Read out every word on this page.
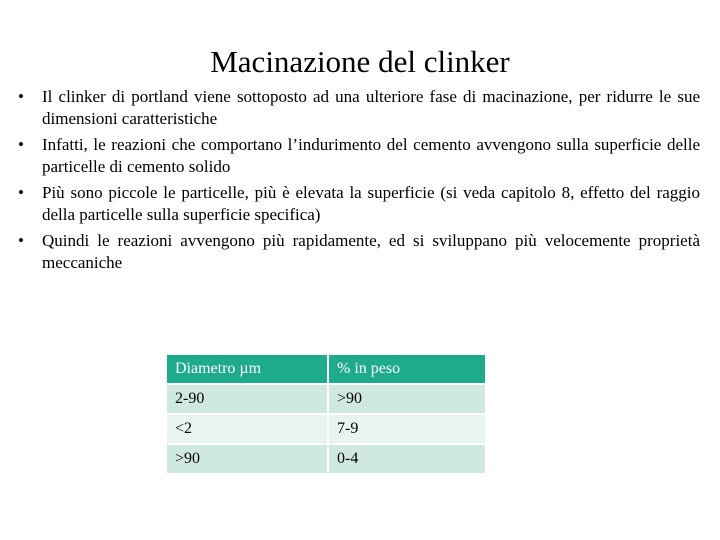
Macinazione del clinker
•	Il clinker di portland viene sottoposto ad una ulteriore fase di macinazione, per ridurre le sue dimensioni caratteristiche
•	Infatti, le reazioni che comportano l’indurimento del cemento avvengono sulla superficie delle particelle di cemento solido
•	Più sono piccole le particelle, più è elevata la superficie (si veda capitolo 8, effetto del raggio della particelle sulla superficie specifica)
•	Quindi le reazioni avvengono più rapidamente, ed si sviluppano più velocemente proprietà meccaniche
Diametro µm	% in peso
2-90	>90
<2	7-9
>90	0-4
